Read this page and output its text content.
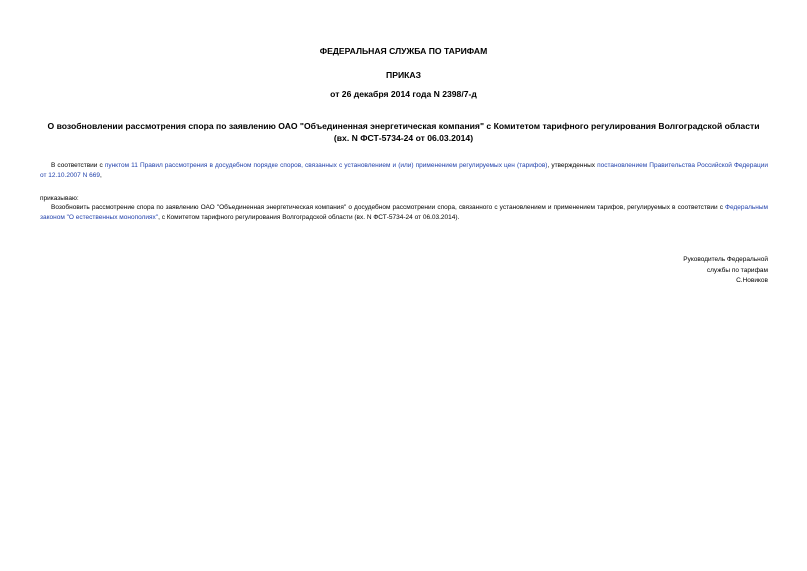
ФЕДЕРАЛЬНАЯ СЛУЖБА ПО ТАРИФАМ
ПРИКАЗ
от 26 декабря 2014 года N 2398/7-д
О возобновлении рассмотрения спора по заявлению ОАО "Объединенная энергетическая компания" с Комитетом тарифного регулирования Волгоградской области (вх. N ФСТ-5734-24 от 06.03.2014)
В соответствии с пунктом 11 Правил рассмотрения в досудебном порядке споров, связанных с установлением и (или) применением регулируемых цен (тарифов), утвержденных постановлением Правительства Российской Федерации от 12.10.2007 N 669,
приказываю:
Возобновить рассмотрение спора по заявлению ОАО "Объединенная энергетическая компания" о досудебном рассмотрении спора, связанного с установлением и применением тарифов, регулируемых в соответствии с Федеральным законом "О естественных монополиях", с Комитетом тарифного регулирования Волгоградской области (вх. N ФСТ-5734-24 от 06.03.2014).
Руководитель Федеральной
службы по тарифам
С.Новиков
